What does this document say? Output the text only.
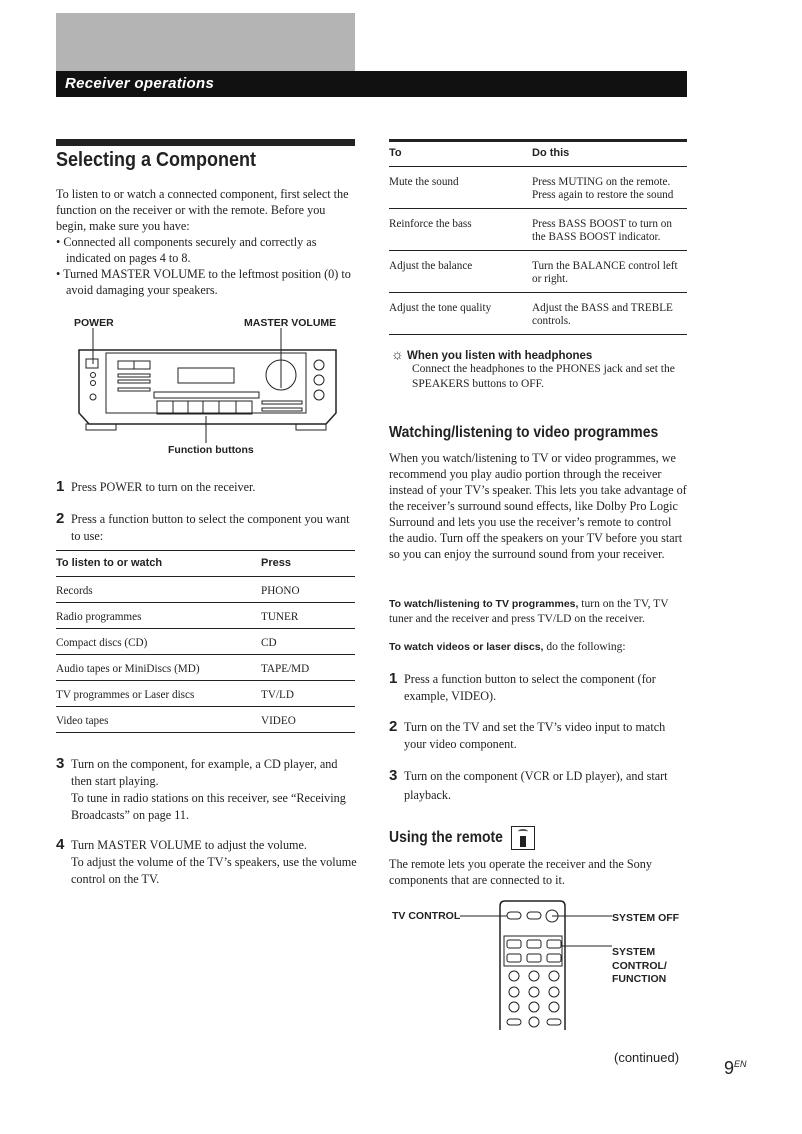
Receiver operations
Selecting a Component
To listen to or watch a connected component, first select the function on the receiver or with the remote. Before you begin, make sure you have:
• Connected all components securely and correctly as indicated on pages 4 to 8.
• Turned MASTER VOLUME to the leftmost position (0) to avoid damaging your speakers.
POWER	MASTER VOLUME
Function buttons
1 Press POWER to turn on the receiver.
2 Press a function button to select the component you want to use:
To listen to or watch	Press
Records	PHONO
Radio programmes	TUNER
Compact discs (CD)	CD
Audio tapes or MiniDiscs (MD)	TAPE/MD
TV programmes or Laser discs	TV/LD
Video tapes	VIDEO
3 Turn on the component, for example, a CD player, and then start playing.
To tune in radio stations on this receiver, see “Receiving Broadcasts” on page 11.
4 Turn MASTER VOLUME to adjust the volume.
To adjust the volume of the TV’s speakers, use the volume control on the TV.
To	Do this
Mute the sound	Press MUTING on the remote. Press again to restore the sound
Reinforce the bass	Press BASS BOOST to turn on the BASS BOOST indicator.
Adjust the balance	Turn the BALANCE control left or right.
Adjust the tone quality	Adjust the BASS and TREBLE controls.
☼ When you listen with headphones
Connect the headphones to the PHONES jack and set the SPEAKERS buttons to OFF.
Watching/listening to video programmes
When you watch/listening to TV or video programmes, we recommend you play audio portion through the receiver instead of your TV’s speaker. This lets you take advantage of the receiver’s surround sound effects, like Dolby Pro Logic Surround and lets you use the receiver’s remote to control the audio. Turn off the speakers on your TV before you start so you can enjoy the surround sound from your receiver.
To watch/listening to TV programmes, turn on the TV, TV tuner and the receiver and press TV/LD on the receiver.
To watch videos or laser discs, do the following:
1 Press a function button to select the component (for example, VIDEO).
2 Turn on the TV and set the TV’s video input to match your video component.
3 Turn on the component (VCR or LD player), and start playback.
Using the remote
The remote lets you operate the receiver and the Sony components that are connected to it.
TV CONTROL	SYSTEM OFF
SYSTEM CONTROL/ FUNCTION
(continued)
$9^{EN}$
